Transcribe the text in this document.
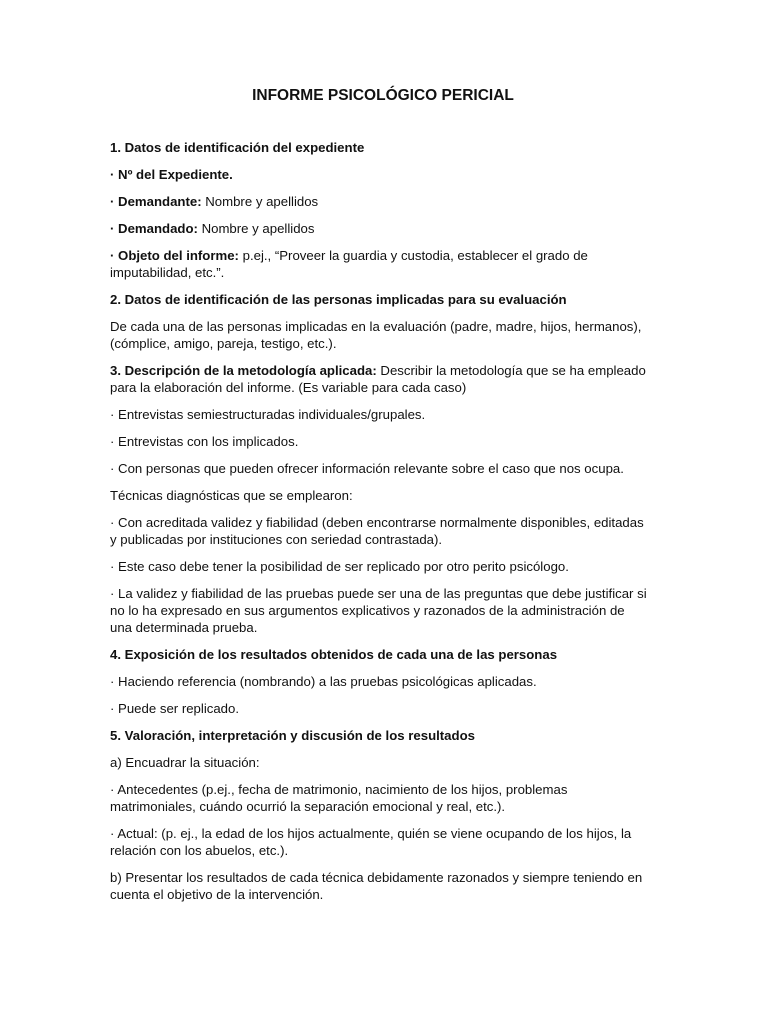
INFORME PSICOLÓGICO PERICIAL

1. Datos de identificación del expediente

· Nº del Expediente.

· Demandante: Nombre y apellidos

· Demandado: Nombre y apellidos

· Objeto del informe: p.ej., “Proveer la guardia y custodia, establecer el grado de imputabilidad, etc.”.

2. Datos de identificación de las personas implicadas para su evaluación

De cada una de las personas implicadas en la evaluación (padre, madre, hijos, hermanos), (cómplice, amigo, pareja, testigo, etc.).

3. Descripción de la metodología aplicada: Describir la metodología que se ha empleado para la elaboración del informe. (Es variable para cada caso)

· Entrevistas semiestructuradas individuales/grupales.

· Entrevistas con los implicados.

· Con personas que pueden ofrecer información relevante sobre el caso que nos ocupa.

Técnicas diagnósticas que se emplearon:

· Con acreditada validez y fiabilidad (deben encontrarse normalmente disponibles, editadas y publicadas por instituciones con seriedad contrastada).

· Este caso debe tener la posibilidad de ser replicado por otro perito psicólogo.

· La validez y fiabilidad de las pruebas puede ser una de las preguntas que debe justificar si no lo ha expresado en sus argumentos explicativos y razonados de la administración de una determinada prueba.

4. Exposición de los resultados obtenidos de cada una de las personas

· Haciendo referencia (nombrando) a las pruebas psicológicas aplicadas.

· Puede ser replicado.

5. Valoración, interpretación y discusión de los resultados

a) Encuadrar la situación:

· Antecedentes (p.ej., fecha de matrimonio, nacimiento de los hijos, problemas matrimoniales, cuándo ocurrió la separación emocional y real, etc.).

· Actual: (p. ej., la edad de los hijos actualmente, quién se viene ocupando de los hijos, la relación con los abuelos, etc.).

b) Presentar los resultados de cada técnica debidamente razonados y siempre teniendo en cuenta el objetivo de la intervención.
